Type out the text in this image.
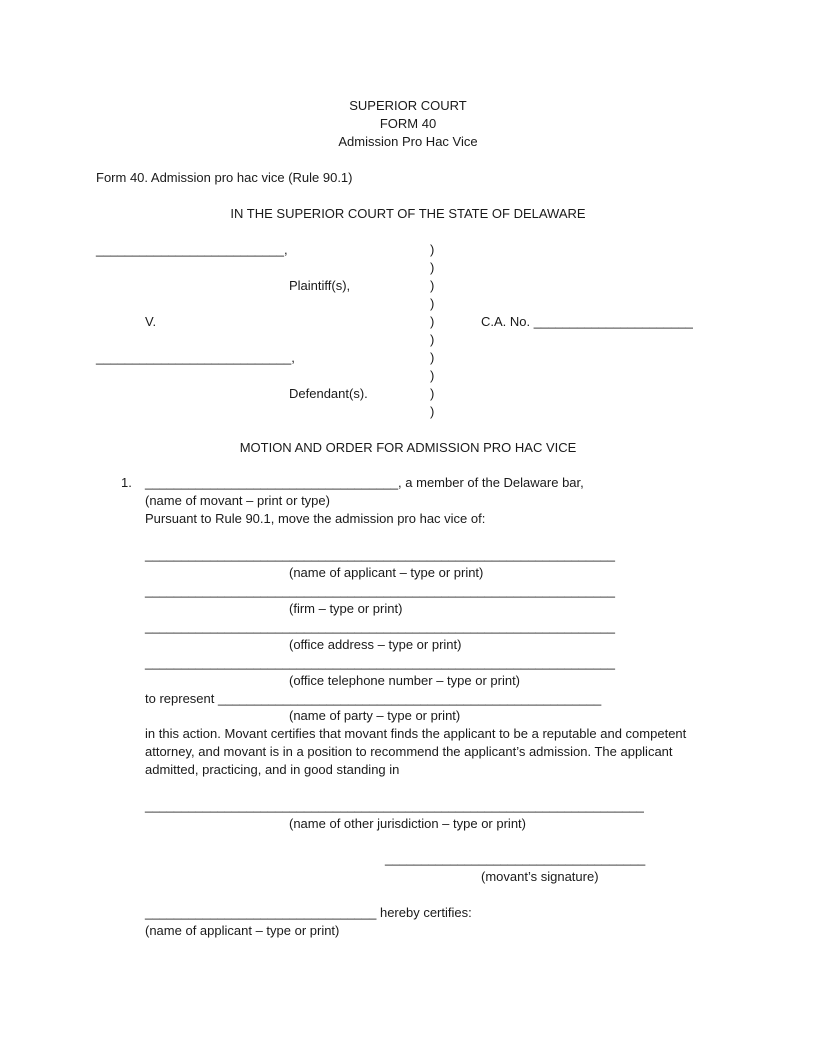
SUPERIOR COURT
FORM 40
Admission Pro Hac Vice
Form 40. Admission pro hac vice (Rule 90.1)
IN THE SUPERIOR COURT OF THE STATE OF DELAWARE
__________________________,
Plaintiff(s),
V.
___________________________,
Defendant(s).
)
)
)
)
)
)
)
)
)
)
C.A. No. ______________________
MOTION AND ORDER FOR ADMISSION PRO HAC VICE
1. ___________________________________, a member of the Delaware bar,
(name of movant – print or type)
Pursuant to Rule 90.1, move the admission pro hac vice of:
_________________________________________________________________
(name of applicant – type or print)
_________________________________________________________________
(firm – type or print)
_________________________________________________________________
(office address – type or print)
_________________________________________________________________
(office telephone number – type or print)
to represent _____________________________________________________
(name of party – type or print)
in this action. Movant certifies that movant finds the applicant to be a reputable and competent
attorney, and movant is in a position to recommend the applicant’s admission. The applicant
admitted, practicing, and in good standing in
_____________________________________________________________________
(name of other jurisdiction – type or print)
____________________________________
(movant’s signature)
________________________________ hereby certifies:
(name of applicant – type or print)
